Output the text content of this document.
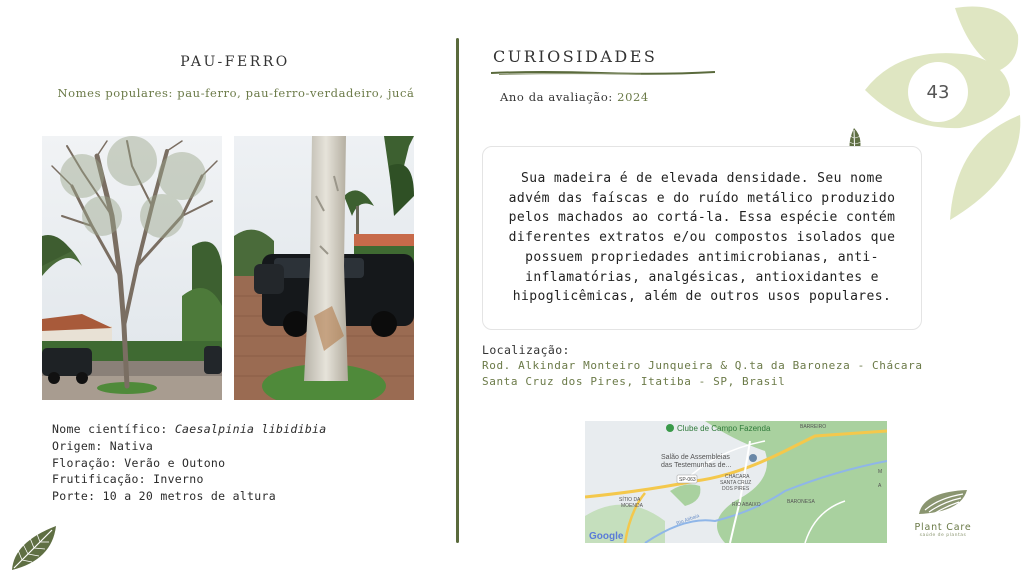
PAU-FERRO
Nomes populares: pau-ferro, pau-ferro-verdadeiro, jucá
Nome científico: Caesalpinia libidibia
Origem: Nativa
Floração: Verão e Outono
Frutificação: Inverno
Porte: 10 a 20 metros de altura
CURIOSIDADES
Ano da avaliação: 2024
Sua madeira é de elevada densidade. Seu nome advém das faíscas e do ruído metálico produzido pelos machados ao cortá-la. Essa espécie contém diferentes extratos e/ou compostos isolados que possuem propriedades antimicrobianas, anti-inflamatórias, analgésicas, antioxidantes e hipoglicêmicas, além de outros usos populares.
Localização:
Rod. Alkindar Monteiro Junqueira & Q.ta da Baroneza - Chácara Santa Cruz dos Pires, Itatiba - SP, Brasil
Clube de Campo Fazenda	BARREIRO
Salão de Assembleias
das Testemunhas de...
SP-063	CHÁCARA
SANTA CRUZ
DOS PIRES
SÍTIO DA
MOENDA	RIO ABAIXO	BARONESA
Rio Atibaia
M
A
Google
43
Plant Care
saúde de plantas
